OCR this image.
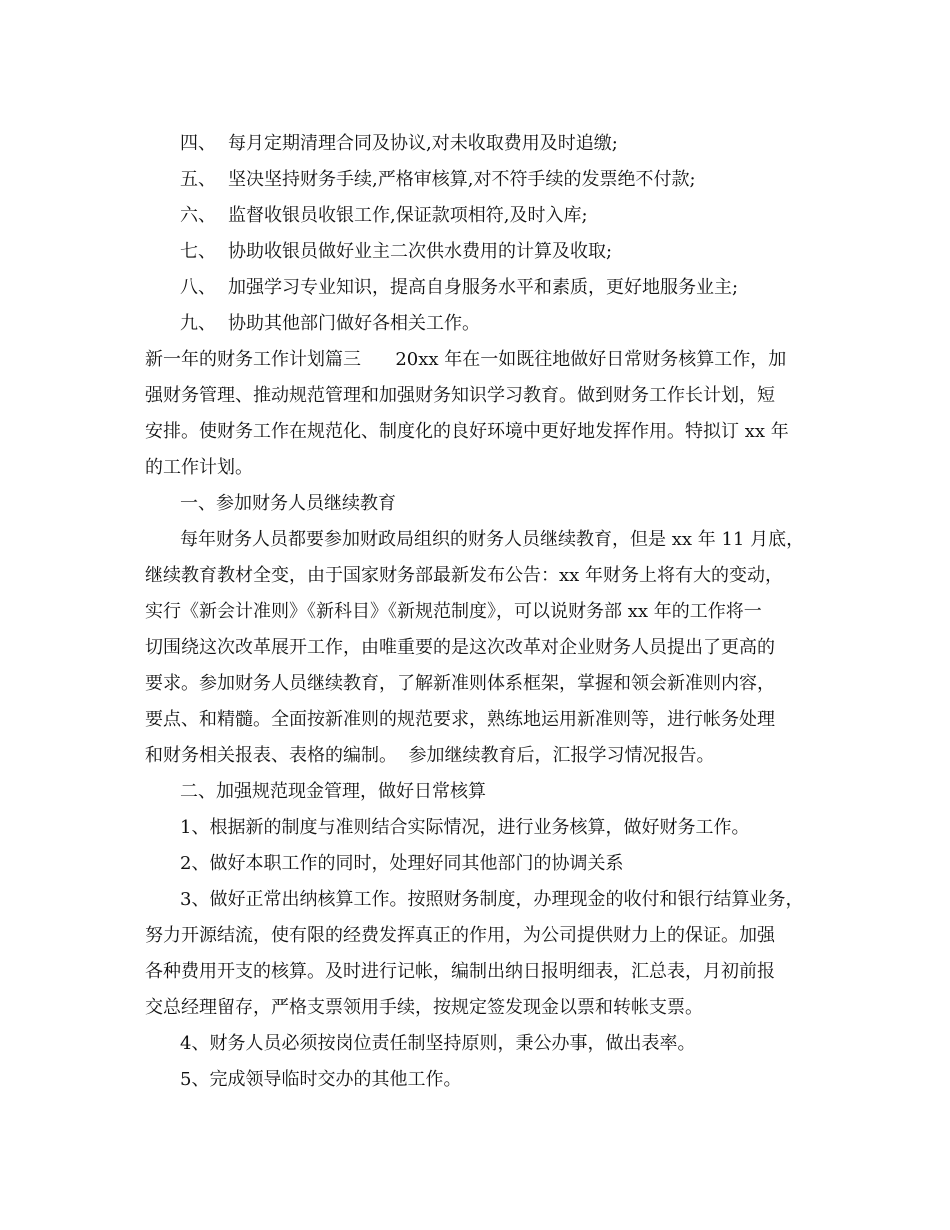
四、 每月定期清理合同及协议,对未收取费用及时追缴;
五、 坚决坚持财务手续,严格审核算,对不符手续的发票绝不付款;
六、 监督收银员收银工作,保证款项相符,及时入库;
七、 协助收银员做好业主二次供水费用的计算及收取;
八、 加强学习专业知识，提高自身服务水平和素质，更好地服务业主;
九、 协助其他部门做好各相关工作。
新一年的财务工作计划篇三      20xx 年在一如既往地做好日常财务核算工作，加
强财务管理、推动规范管理和加强财务知识学习教育。做到财务工作长计划，短
安排。使财务工作在规范化、制度化的良好环境中更好地发挥作用。特拟订 xx 年
的工作计划。
一、参加财务人员继续教育
每年财务人员都要参加财政局组织的财务人员继续教育，但是 xx 年 11 月底，
继续教育教材全变，由于国家财务部最新发布公告：xx 年财务上将有大的变动，
实行《新会计准则》《新科目》《新规范制度》，可以说财务部 xx 年的工作将一
切围绕这次改革展开工作，由唯重要的是这次改革对企业财务人员提出了更高的
要求。参加财务人员继续教育，了解新准则体系框架，掌握和领会新准则内容，
要点、和精髓。全面按新准则的规范要求，熟练地运用新准则等，进行帐务处理
和财务相关报表、表格的编制。  参加继续教育后，汇报学习情况报告。
二、加强规范现金管理，做好日常核算
1、根据新的制度与准则结合实际情况，进行业务核算，做好财务工作。
2、做好本职工作的同时，处理好同其他部门的协调关系
3、做好正常出纳核算工作。按照财务制度，办理现金的收付和银行结算业务，
努力开源结流，使有限的经费发挥真正的作用，为公司提供财力上的保证。加强
各种费用开支的核算。及时进行记帐，编制出纳日报明细表，汇总表，月初前报
交总经理留存，严格支票领用手续，按规定签发现金以票和转帐支票。
4、财务人员必须按岗位责任制坚持原则，秉公办事，做出表率。
5、完成领导临时交办的其他工作。
